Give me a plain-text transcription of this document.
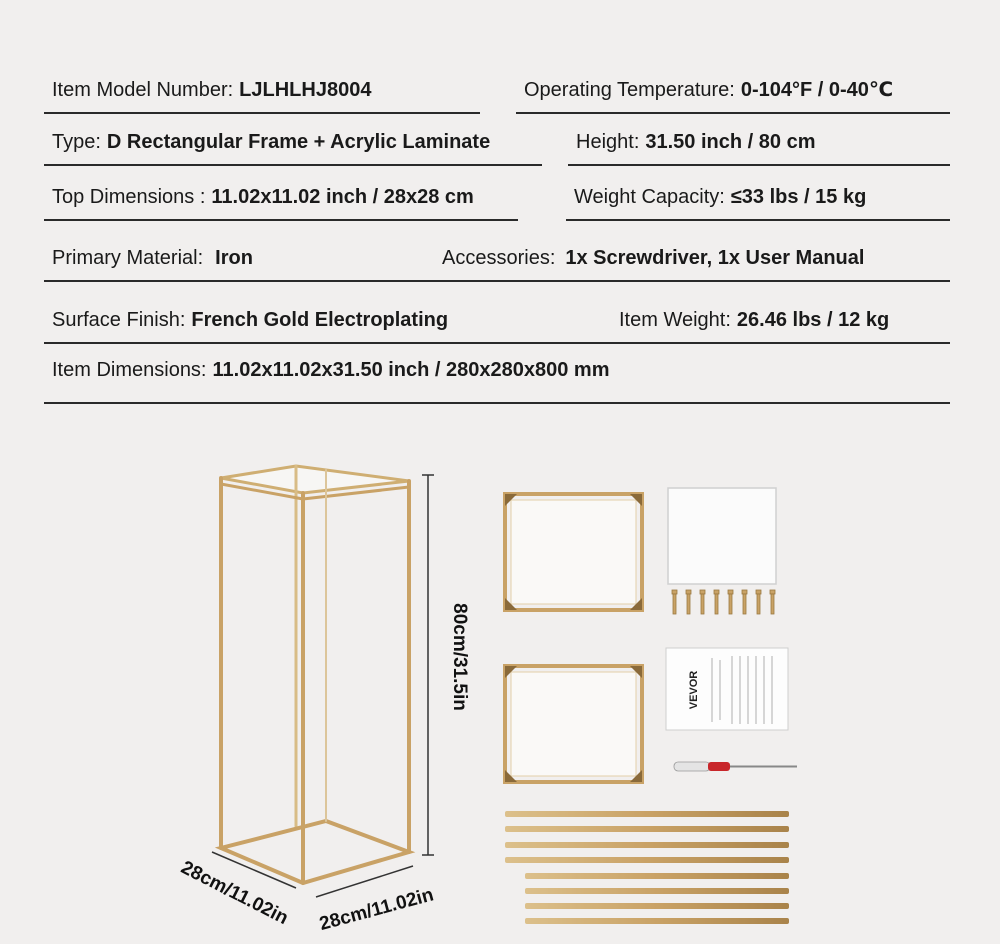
Item Model Number: LJLHLHJ8004	Operating Temperature: 0-104°F / 0-40℃
Type: D Rectangular Frame + Acrylic Laminate	Height: 31.50 inch / 80 cm
Top Dimensions : 11.02x11.02 inch / 28x28 cm	Weight Capacity: ≤33 lbs / 15 kg
Primary Material: Iron	Accessories: 1x Screwdriver, 1x User Manual
Surface Finish: French Gold Electroplating	Item Weight: 26.46 lbs / 12 kg
Item Dimensions: 11.02x11.02x31.50 inch / 280x280x800 mm
80cm/31.5in
28cm/11.02in 28cm/11.02in
VEVOR
